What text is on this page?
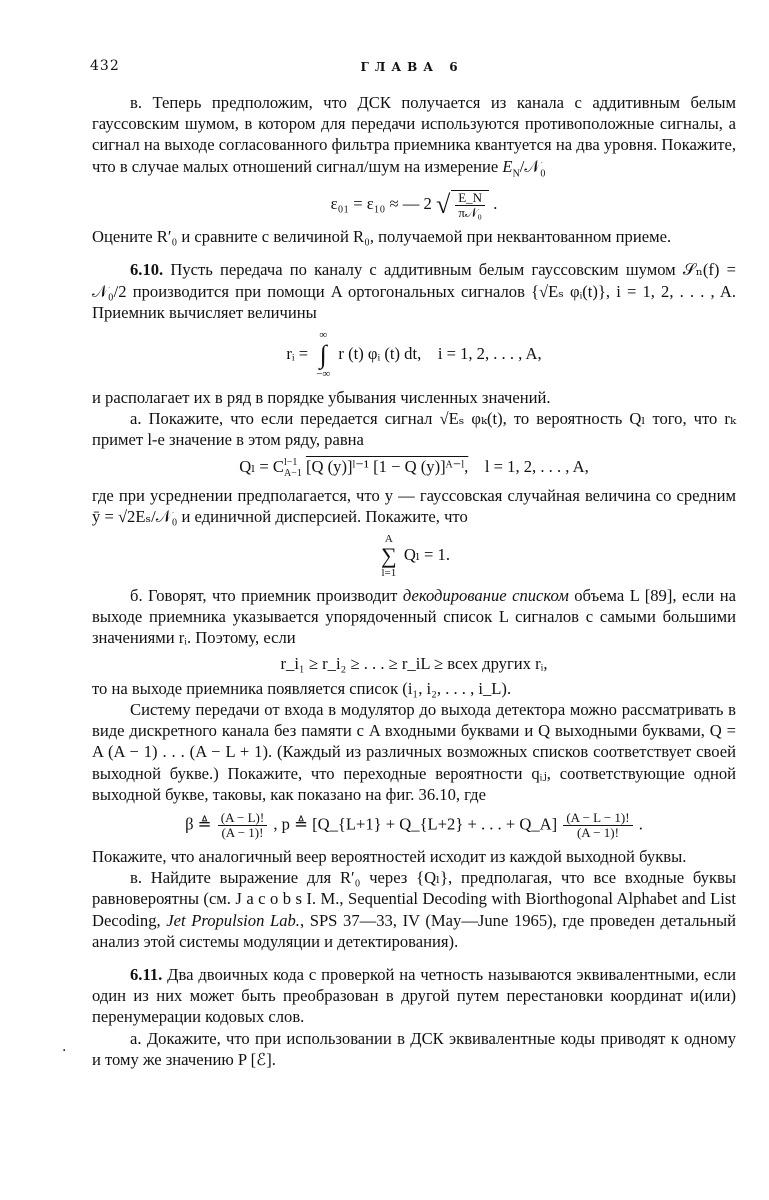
432	ГЛАВА 6

в. Теперь предположим, что ДСК получается из канала с аддитивным белым гауссовским шумом, в котором для передачи используются противоположные сигналы, а сигнал на выходе согласованного фильтра приемника квантуется на два уровня. Покажите, что в случае малых отношений сигнал/шум на измерение $E_N/𝒩_0$

ε₀₁ = ε₁₀ ≈ — 2 √ $\frac{E\_N}{\text{π𝒩₀}}$ .

Оцените R′₀ и сравните с величиной R₀, получаемой при неквантованном приеме.

6.10. Пусть передача по каналу с аддитивным белым гауссовским шумом 𝒮ₙ(f) = 𝒩₀/2 производится при помощи A ортогональных сигналов {√Eₛ φᵢ(t)}, i = 1, 2, . . . , A. Приемник вычисляет величины

rᵢ = ∞
∫
−∞ r (t) φᵢ (t) dt, i = 1, 2, . . . , A,

и располагает их в ряд в порядке убывания численных значений.

а. Покажите, что если передается сигнал √Eₛ φₖ(t), то вероятность Qₗ того, что rₖ примет l-е значение в этом ряду, равна

Qₗ = C l−1
A−1 [Q (y)]ˡ⁻¹ [1 − Q (y)]ᴬ⁻ˡ, l = 1, 2, . . . , A,

где при усреднении предполагается, что y — гауссовская случайная величина со средним ȳ = √2Eₛ/𝒩₀ и единичной дисперсией. Покажите, что

A
∑
l=1 Qₗ = 1.

б. Говорят, что приемник производит декодирование списком объема L [89], если на выходе приемника указывается упорядоченный список L сигналов с самыми большими значениями rᵢ. Поэтому, если

r_i₁ ≥ r_i₂ ≥ . . . ≥ r_iL ≥ всех других rᵢ,

то на выходе приемника появляется список (i₁, i₂, . . . , i_L).

Систему передачи от входа в модулятор до выхода детектора можно рассматривать в виде дискретного канала без памяти с A входными буквами и Q выходными буквами, Q = A (A − 1) . . . (A − L + 1). (Каждый из различных возможных списков соответствует своей выходной букве.) Покажите, что переходные вероятности qᵢⱼ, соответствующие одной выходной букве, таковы, как показано на фиг. 36.10, где

β ≜ $\frac{(A - L)!}{(A - 1)!}$ , p ≜ [Q_{L+1} + Q_{L+2} + . . . + Q_A] $\frac{(A - L - 1)!}{(A - 1)!}$ .

Покажите, что аналогичный веер вероятностей исходит из каждой выходной буквы.

в. Найдите выражение для R′₀ через {Qₗ}, предполагая, что все входные буквы равновероятны (см. J a c o b s I. M., Sequential Decoding with Biorthogonal Alphabet and List Decoding, Jet Propulsion Lab., SPS 37—33, IV (May—June 1965), где проведен детальный анализ этой системы модуляции и детектирования).

6.11. Два двоичных кода с проверкой на четность называются эквивалентными, если один из них может быть преобразован в другой путем перестановки координат и(или) перенумерации кодовых слов.

а. Докажите, что при использовании в ДСК эквивалентные коды приводят к одному и тому же значению P [ℰ].

·
